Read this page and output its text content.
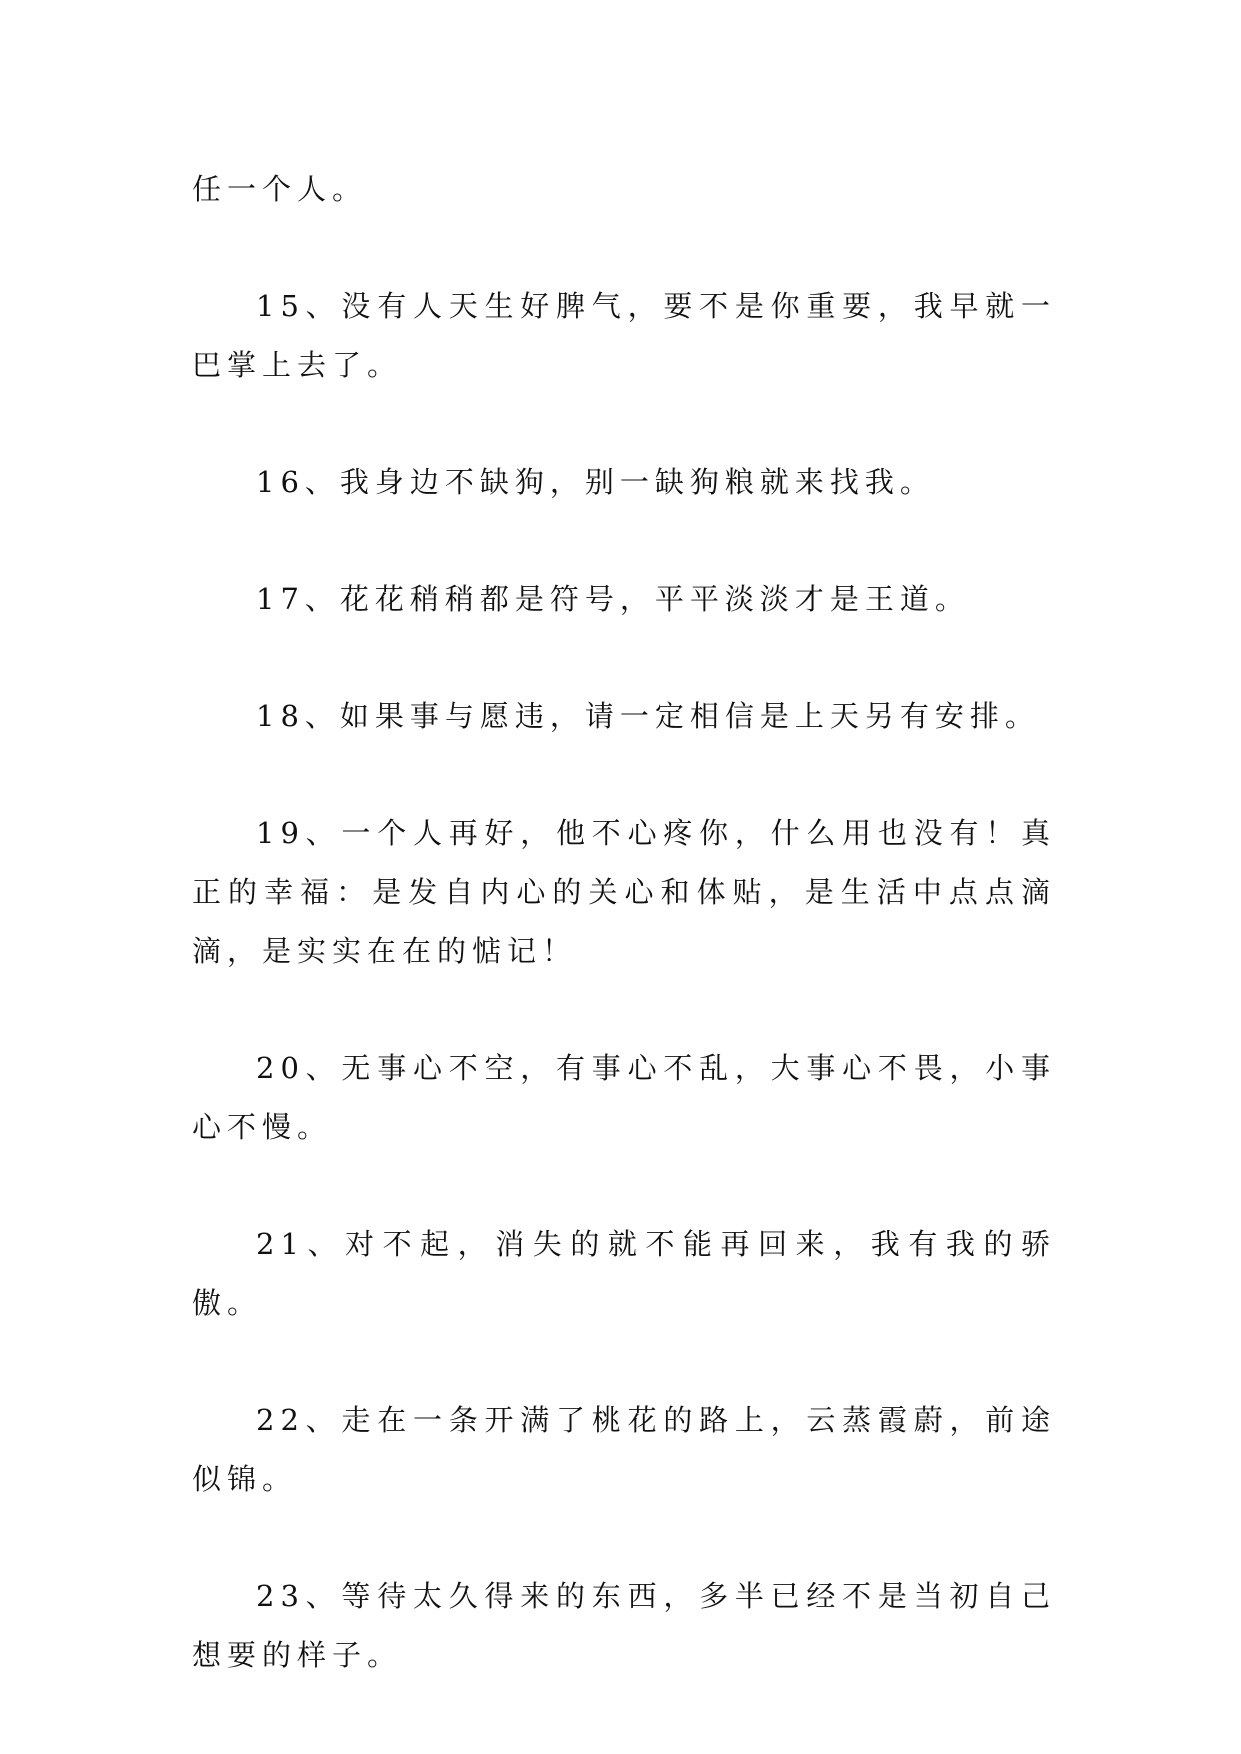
任一个人。

15、没有人天生好脾气，要不是你重要，我早就一巴掌上去了。

16、我身边不缺狗，别一缺狗粮就来找我。

17、花花稍稍都是符号，平平淡淡才是王道。

18、如果事与愿违，请一定相信是上天另有安排。

19、一个人再好，他不心疼你，什么用也没有！真正的幸福：是发自内心的关心和体贴，是生活中点点滴滴，是实实在在的惦记！

20、无事心不空，有事心不乱，大事心不畏，小事心不慢。

21、对不起，消失的就不能再回来，我有我的骄傲。

22、走在一条开满了桃花的路上，云蒸霞蔚，前途似锦。

23、等待太久得来的东西，多半已经不是当初自己想要的样子。
